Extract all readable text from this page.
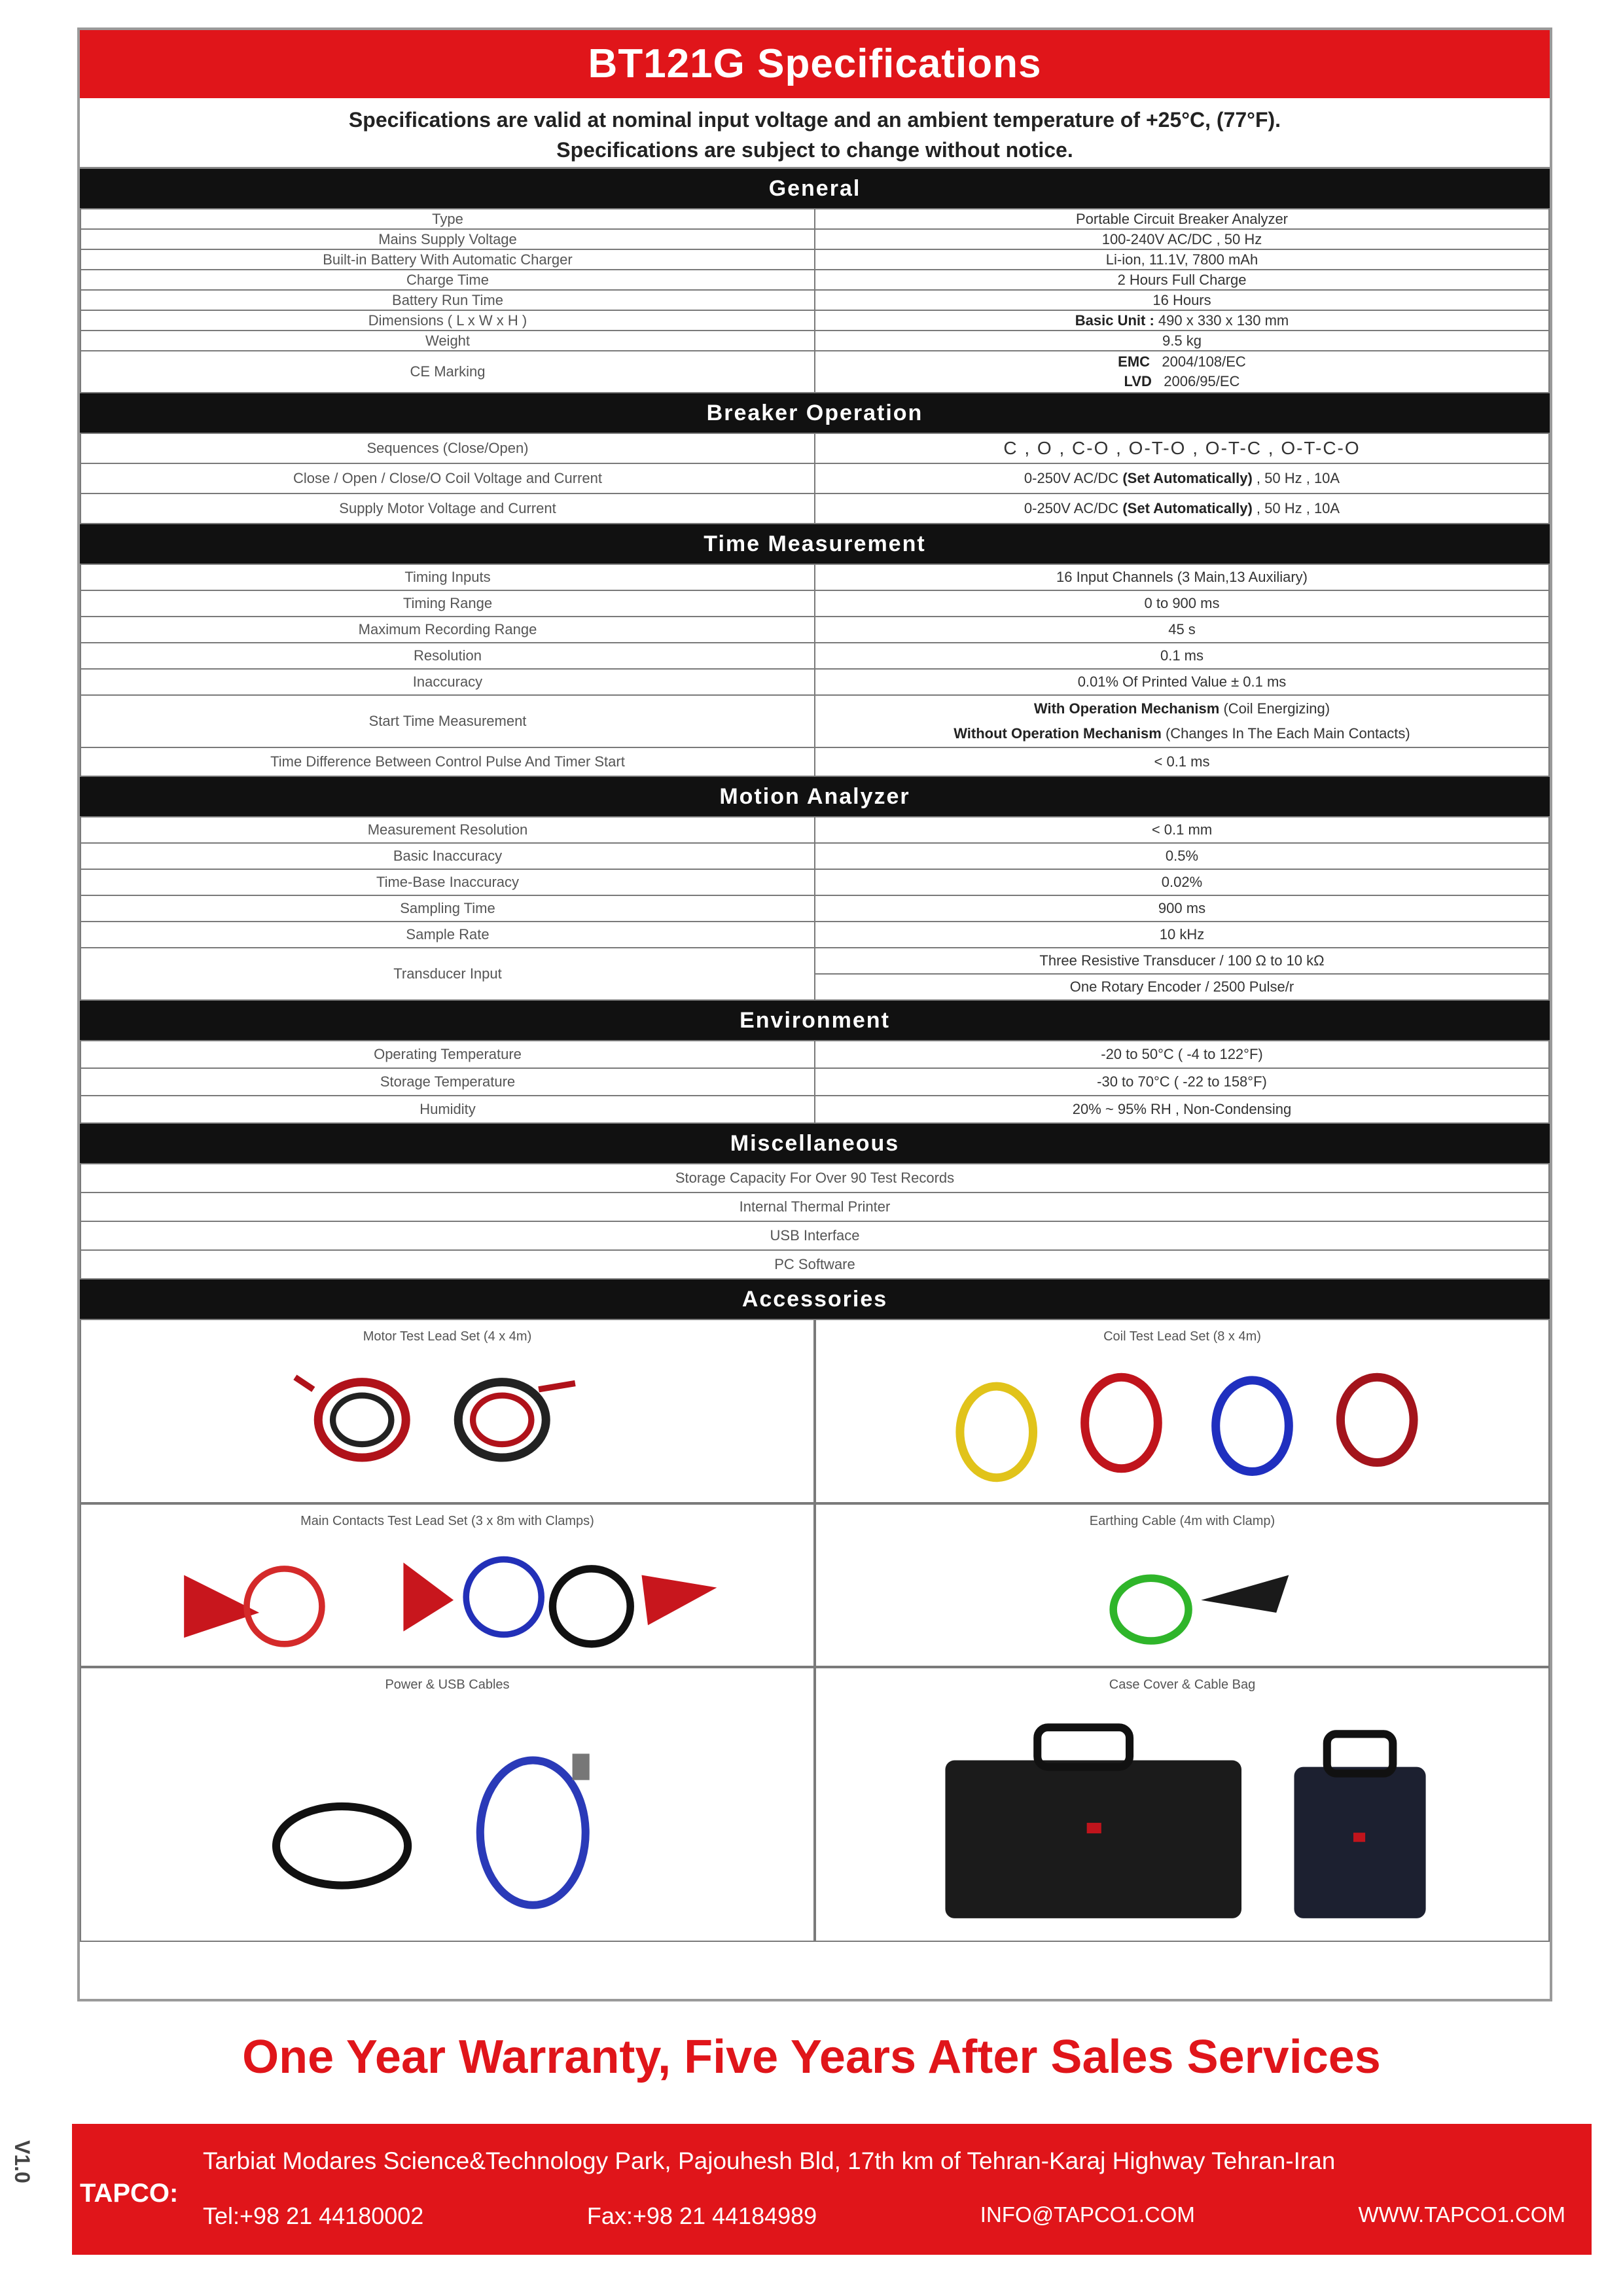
BT121G Specifications
Specifications are valid at nominal input voltage and an ambient temperature of +25°C, (77°F).
Specifications are subject to change without notice.
General
Type	Portable Circuit Breaker Analyzer
Mains Supply Voltage	100-240V AC/DC , 50 Hz
Built-in Battery With Automatic Charger	Li-ion, 11.1V, 7800 mAh
Charge Time	2 Hours Full Charge
Battery Run Time	16 Hours
Dimensions ( L x W x H )	Basic Unit : 490 x 330 x 130 mm
Weight	9.5 kg
CE Marking	EMC 2004/108/EC
LVD 2006/95/EC
Breaker Operation
Sequences (Close/Open)	C , O , C-O , O-T-O , O-T-C , O-T-C-O
Close / Open / Close/O Coil Voltage and Current	0-250V AC/DC (Set Automatically) , 50 Hz , 10A
Supply Motor Voltage and Current	0-250V AC/DC (Set Automatically) , 50 Hz , 10A
Time Measurement
Timing Inputs	16 Input Channels (3 Main,13 Auxiliary)
Timing Range	0 to 900 ms
Maximum Recording Range	45 s
Resolution	0.1 ms
Inaccuracy	0.01% Of Printed Value ± 0.1 ms
Start Time Measurement	With Operation Mechanism (Coil Energizing)
Without Operation Mechanism (Changes In The Each Main Contacts)

Time Difference Between Control Pulse And Timer Start	< 0.1 ms
Motion Analyzer
Measurement Resolution	< 0.1 mm
Basic Inaccuracy	0.5%
Time-Base Inaccuracy	0.02%
Sampling Time	900 ms
Sample Rate	10 kHz
Transducer Input	Three Resistive Transducer / 100 Ω to 10 kΩ
	One Rotary Encoder / 2500 Pulse/r
Environment
Operating Temperature	-20 to 50°C ( -4 to 122°F)
Storage Temperature	-30 to 70°C ( -22 to 158°F)
Humidity	20% ~ 95% RH , Non-Condensing
Miscellaneous
Storage Capacity For Over 90 Test Records
Internal Thermal Printer
USB Interface
PC Software
Accessories
Motor Test Lead Set (4 x 4m)	Coil Test Lead Set (8 x 4m)
Main Contacts Test Lead Set (3 x 8m with Clamps)	Earthing Cable (4m with Clamp)
Power & USB Cables	Case Cover & Cable Bag
One Year Warranty, Five Years After Sales Services
V1.0
TAPCO:
Tarbiat Modares Science&Technology Park, Pajouhesh Bld, 17th km of Tehran-Karaj Highway Tehran-Iran
Tel:+98 21 44180002	Fax:+98 21 44184989	INFO@TAPCO1.COM	WWW.TAPCO1.COM
